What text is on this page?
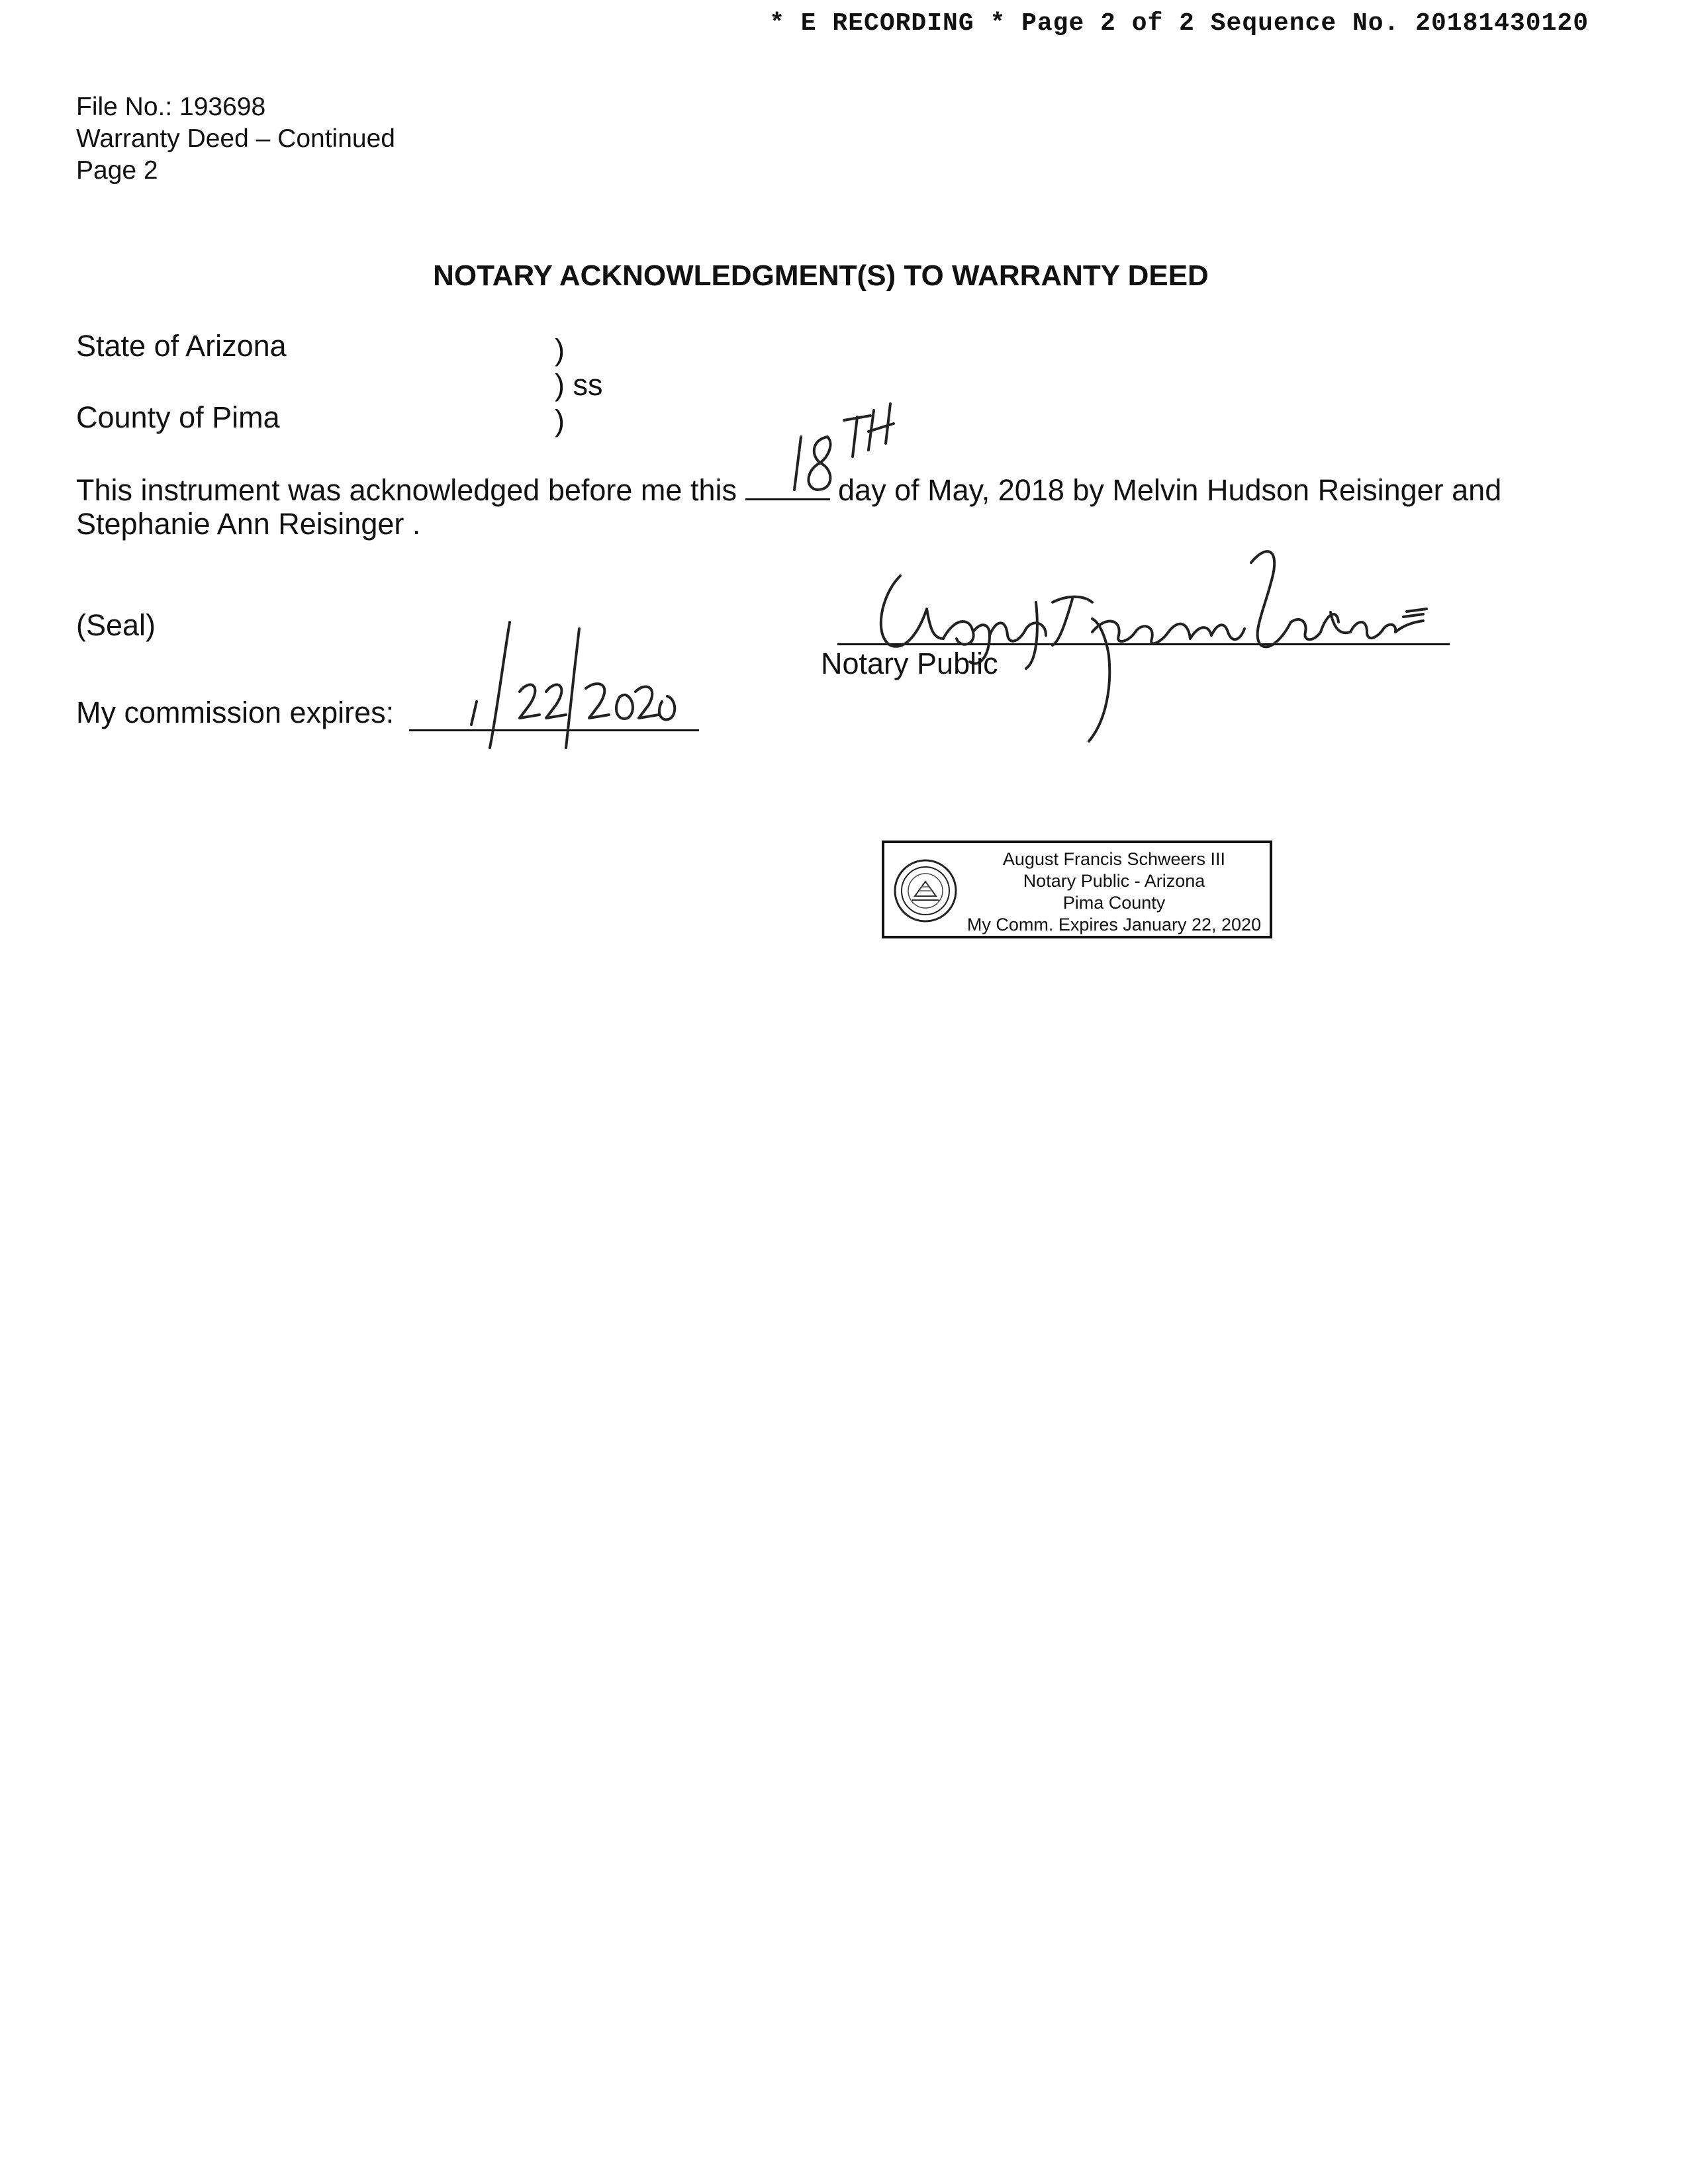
* E RECORDING * Page 2 of 2 Sequence No. 20181430120
File No.: 193698
Warranty Deed – Continued
Page 2
NOTARY ACKNOWLEDGMENT(S) TO WARRANTY DEED
State of Arizona
County of Pima
)
) ss
)
This instrument was acknowledged before me this	day of May, 2018 by Melvin Hudson Reisinger and
Stephanie Ann Reisinger .
(Seal)
Notary Public
My commission expires:
August Francis Schweers III
Notary Public - Arizona
Pima County
My Comm. Expires January 22, 2020
